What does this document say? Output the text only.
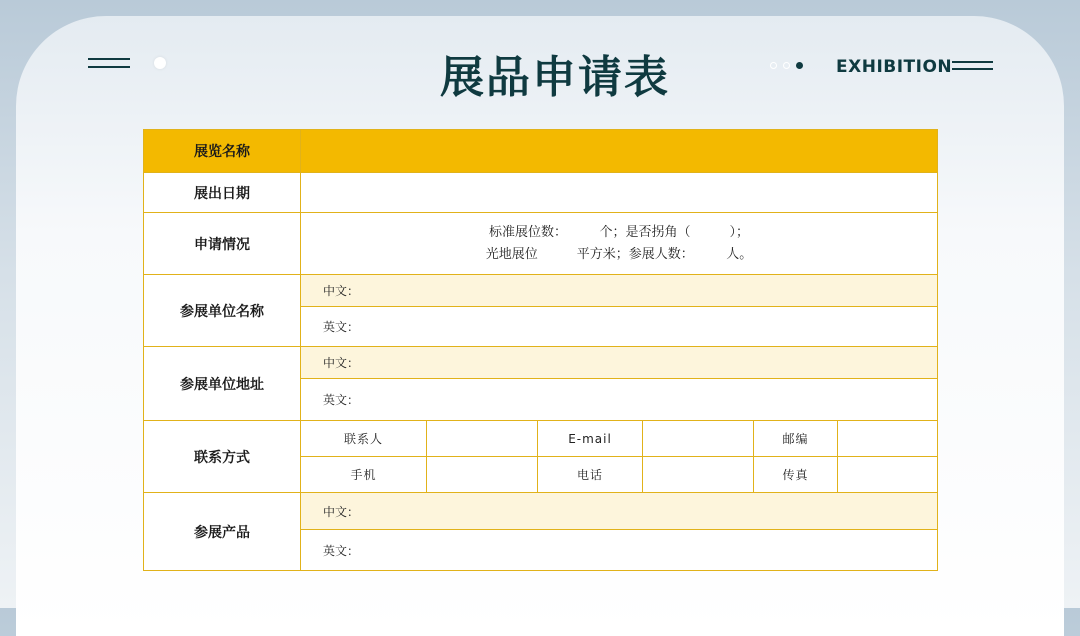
展品申请表	EXHIBITION
展览名称						
展出日期						
申请情况	标准展位数：　　　个；是否拐角（　　　）；
光地展位　　　平方米；参展人数：　　　人。					

参展单位名称	中文：					
	英文：					
参展单位地址	中文：					
	英文：					
联系方式	联系人		E-mail		邮编	
	手机		电话		传真	
参展产品	中文：					
	英文：					
